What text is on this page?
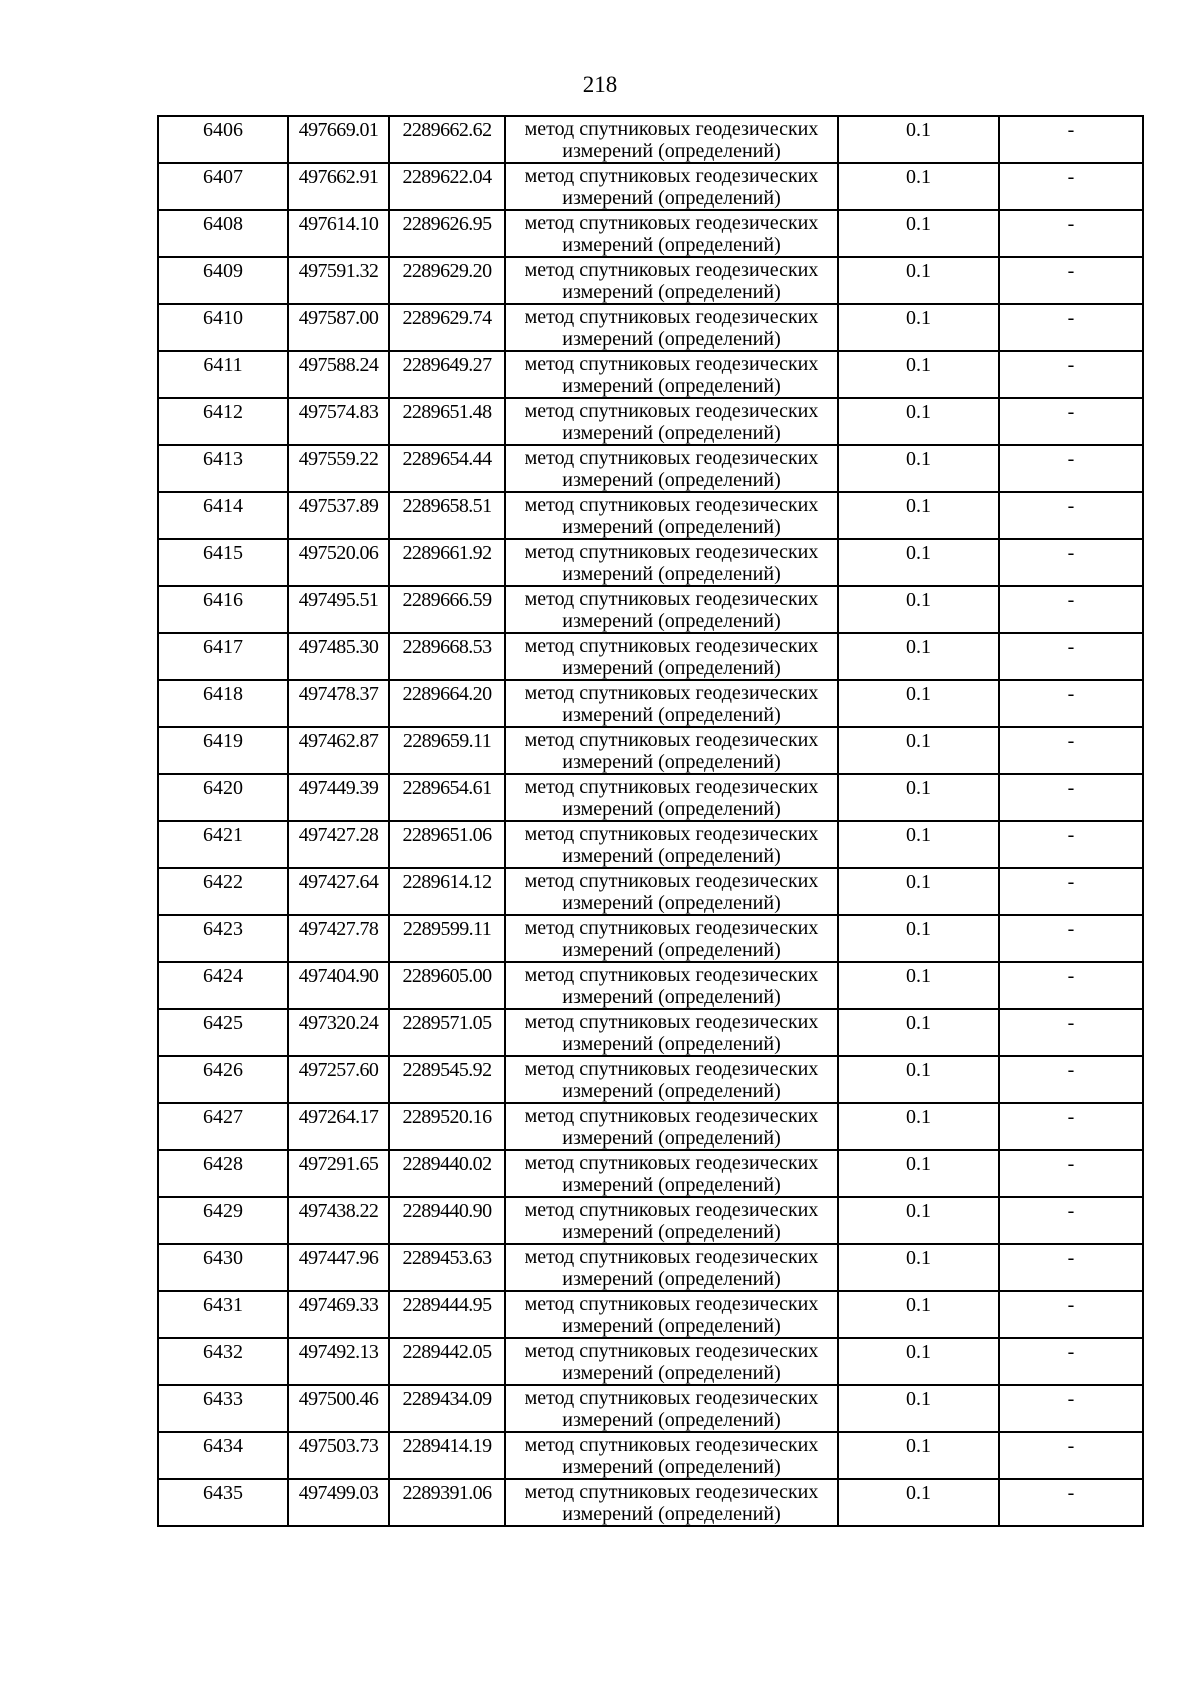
218
6406	497669.01	2289662.62	метод спутниковых геодезических
измерений (определений)	0.1	-
6407	497662.91	2289622.04	метод спутниковых геодезических
измерений (определений)	0.1	-
6408	497614.10	2289626.95	метод спутниковых геодезических
измерений (определений)	0.1	-
6409	497591.32	2289629.20	метод спутниковых геодезических
измерений (определений)	0.1	-
6410	497587.00	2289629.74	метод спутниковых геодезических
измерений (определений)	0.1	-
6411	497588.24	2289649.27	метод спутниковых геодезических
измерений (определений)	0.1	-
6412	497574.83	2289651.48	метод спутниковых геодезических
измерений (определений)	0.1	-
6413	497559.22	2289654.44	метод спутниковых геодезических
измерений (определений)	0.1	-
6414	497537.89	2289658.51	метод спутниковых геодезических
измерений (определений)	0.1	-
6415	497520.06	2289661.92	метод спутниковых геодезических
измерений (определений)	0.1	-
6416	497495.51	2289666.59	метод спутниковых геодезических
измерений (определений)	0.1	-
6417	497485.30	2289668.53	метод спутниковых геодезических
измерений (определений)	0.1	-
6418	497478.37	2289664.20	метод спутниковых геодезических
измерений (определений)	0.1	-
6419	497462.87	2289659.11	метод спутниковых геодезических
измерений (определений)	0.1	-
6420	497449.39	2289654.61	метод спутниковых геодезических
измерений (определений)	0.1	-
6421	497427.28	2289651.06	метод спутниковых геодезических
измерений (определений)	0.1	-
6422	497427.64	2289614.12	метод спутниковых геодезических
измерений (определений)	0.1	-
6423	497427.78	2289599.11	метод спутниковых геодезических
измерений (определений)	0.1	-
6424	497404.90	2289605.00	метод спутниковых геодезических
измерений (определений)	0.1	-
6425	497320.24	2289571.05	метод спутниковых геодезических
измерений (определений)	0.1	-
6426	497257.60	2289545.92	метод спутниковых геодезических
измерений (определений)	0.1	-
6427	497264.17	2289520.16	метод спутниковых геодезических
измерений (определений)	0.1	-
6428	497291.65	2289440.02	метод спутниковых геодезических
измерений (определений)	0.1	-
6429	497438.22	2289440.90	метод спутниковых геодезических
измерений (определений)	0.1	-
6430	497447.96	2289453.63	метод спутниковых геодезических
измерений (определений)	0.1	-
6431	497469.33	2289444.95	метод спутниковых геодезических
измерений (определений)	0.1	-
6432	497492.13	2289442.05	метод спутниковых геодезических
измерений (определений)	0.1	-
6433	497500.46	2289434.09	метод спутниковых геодезических
измерений (определений)	0.1	-
6434	497503.73	2289414.19	метод спутниковых геодезических
измерений (определений)	0.1	-
6435	497499.03	2289391.06	метод спутниковых геодезических
измерений (определений)	0.1	-
